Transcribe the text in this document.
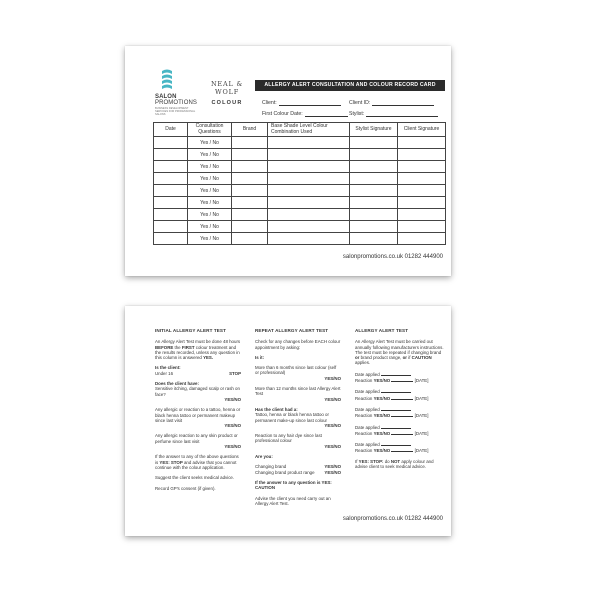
SALON
PROMOTIONS
BUSINESS DEVELOPMENT SERVICES FOR PROFESSIONAL SALONS
NEAL & WOLF
COLOUR
ALLERGY ALERT CONSULTATION AND COLOUR RECORD CARD
Client:	Client ID:
First Colour Date:	Stylist:
Date	Consultation Questions	Brand	Base Shade Level Colour Combination Used	Stylist Signature	Client Signature
	Yes / No				
	Yes / No				
	Yes / No				
	Yes / No				
	Yes / No				
	Yes / No				
	Yes / No				
	Yes / No				
	Yes / No				
salonpromotions.co.uk 01282 444900
INITIAL ALLERGY ALERT TEST

An Allergy Alert Test must be done 48 hours BEFORE the FIRST colour treatment and the results recorded, unless any question in this column is answered YES.

Is the client:

Under 16	STOP

Does the client have:
Sensitive itching, damaged scalp or rash on face?

YES/NO

Any allergic or reaction to a tattoo, henna or black henna tattoo or permanent makeup since last visit

YES/NO

Any allergic reaction to any skin product or perfume since last visit

YES/NO

If the answer to any of the above questions is YES: STOP and advise that you cannot continue with the colour application.

Suggest the client seeks medical advice.

Record GP's consent (if given).

REPEAT ALLERGY ALERT TEST

Check for any changes before EACH colour appointment by asking:

Is it:

More than 6 months since last colour (self or professional)

YES/NO

More than 12 months since last Allergy Alert Test

YES/NO

Has the client had a:
Tattoo, henna or black henna tattoo or permanent make-up since last colour

YES/NO

Reaction to any hair dye since last professional colour

YES/NO

Are you:

Changing brand	YES/NO

Changing brand product range YES/NO

If the answer to any question is YES: CAUTION

Advise the client you need carry out an Allergy Alert Test.

ALLERGY ALERT TEST

An Allergy Alert Test must be carried out annually following manufacturers instructions. The test must be repeated if changing brand or brand product range, or if CAUTION applies.

Date applied
Reaction YES/NO	[DATE]
Date applied
Reaction YES/NO	[DATE]
Date applied
Reaction YES/NO	[DATE]
Date applied
Reaction YES/NO	[DATE]
Date applied
Reaction YES/NO	[DATE]

If YES: STOP: do NOT apply colour and advise client to seek medical advice.

salonpromotions.co.uk 01282 444900
